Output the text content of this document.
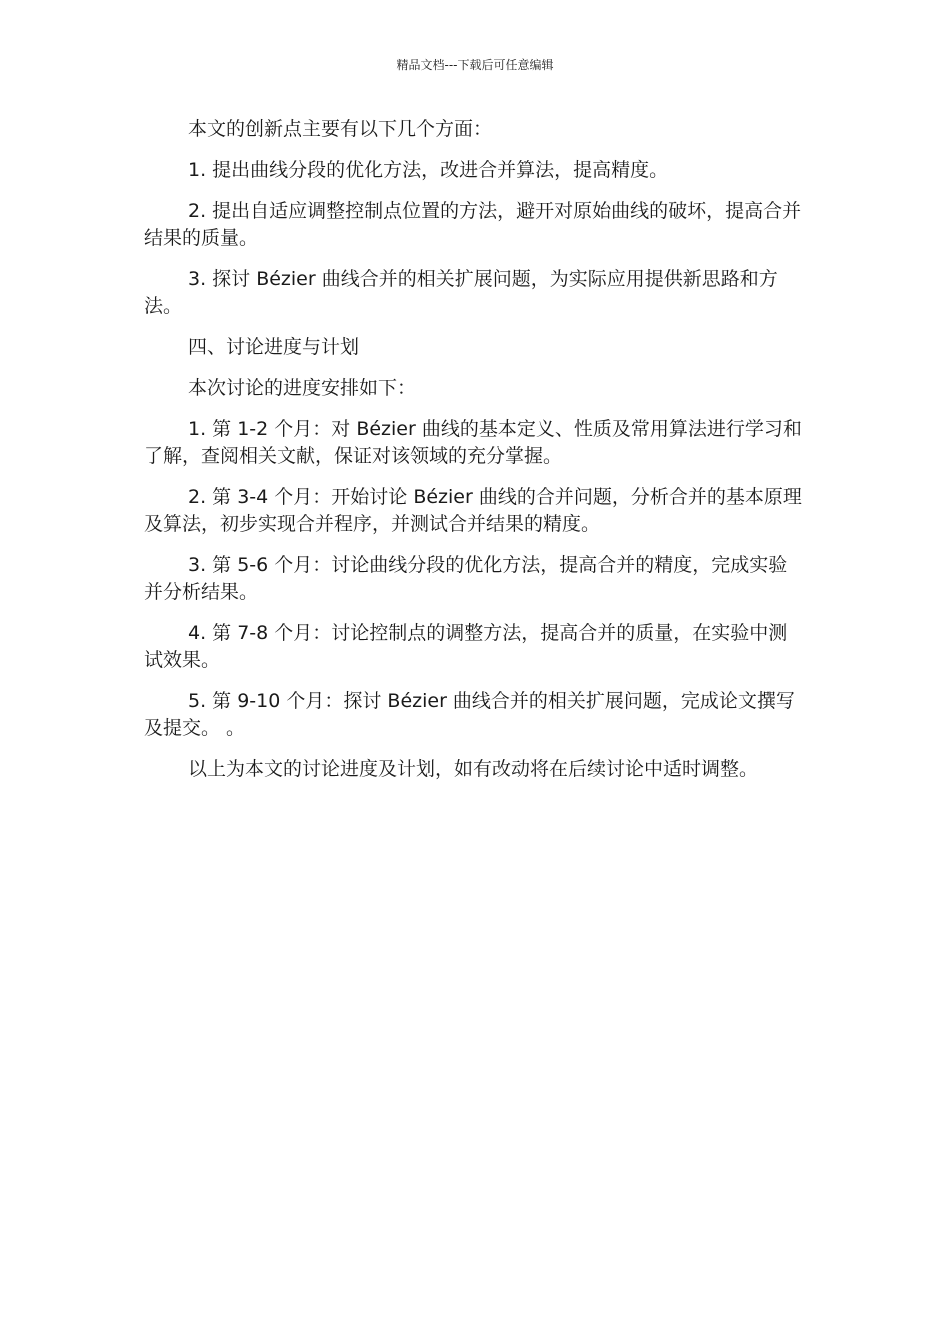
精品文档---下载后可任意编辑

本文的创新点主要有以下几个方面：

1. 提出曲线分段的优化方法，改进合并算法，提高精度。

2. 提出自适应调整控制点位置的方法，避开对原始曲线的破坏，提高合并结果的质量。

3. 探讨 Bézier 曲线合并的相关扩展问题，为实际应用提供新思路和方法。

四、讨论进度与计划

本次讨论的进度安排如下：

1. 第 1-2 个月：对 Bézier 曲线的基本定义、性质及常用算法进行学习和了解，查阅相关文献，保证对该领域的充分掌握。

2. 第 3-4 个月：开始讨论 Bézier 曲线的合并问题，分析合并的基本原理及算法，初步实现合并程序，并测试合并结果的精度。

3. 第 5-6 个月：讨论曲线分段的优化方法，提高合并的精度，完成实验并分析结果。

4. 第 7-8 个月：讨论控制点的调整方法，提高合并的质量，在实验中测试效果。

5. 第 9-10 个月：探讨 Bézier 曲线合并的相关扩展问题，完成论文撰写及提交。 。

以上为本文的讨论进度及计划，如有改动将在后续讨论中适时调整。
